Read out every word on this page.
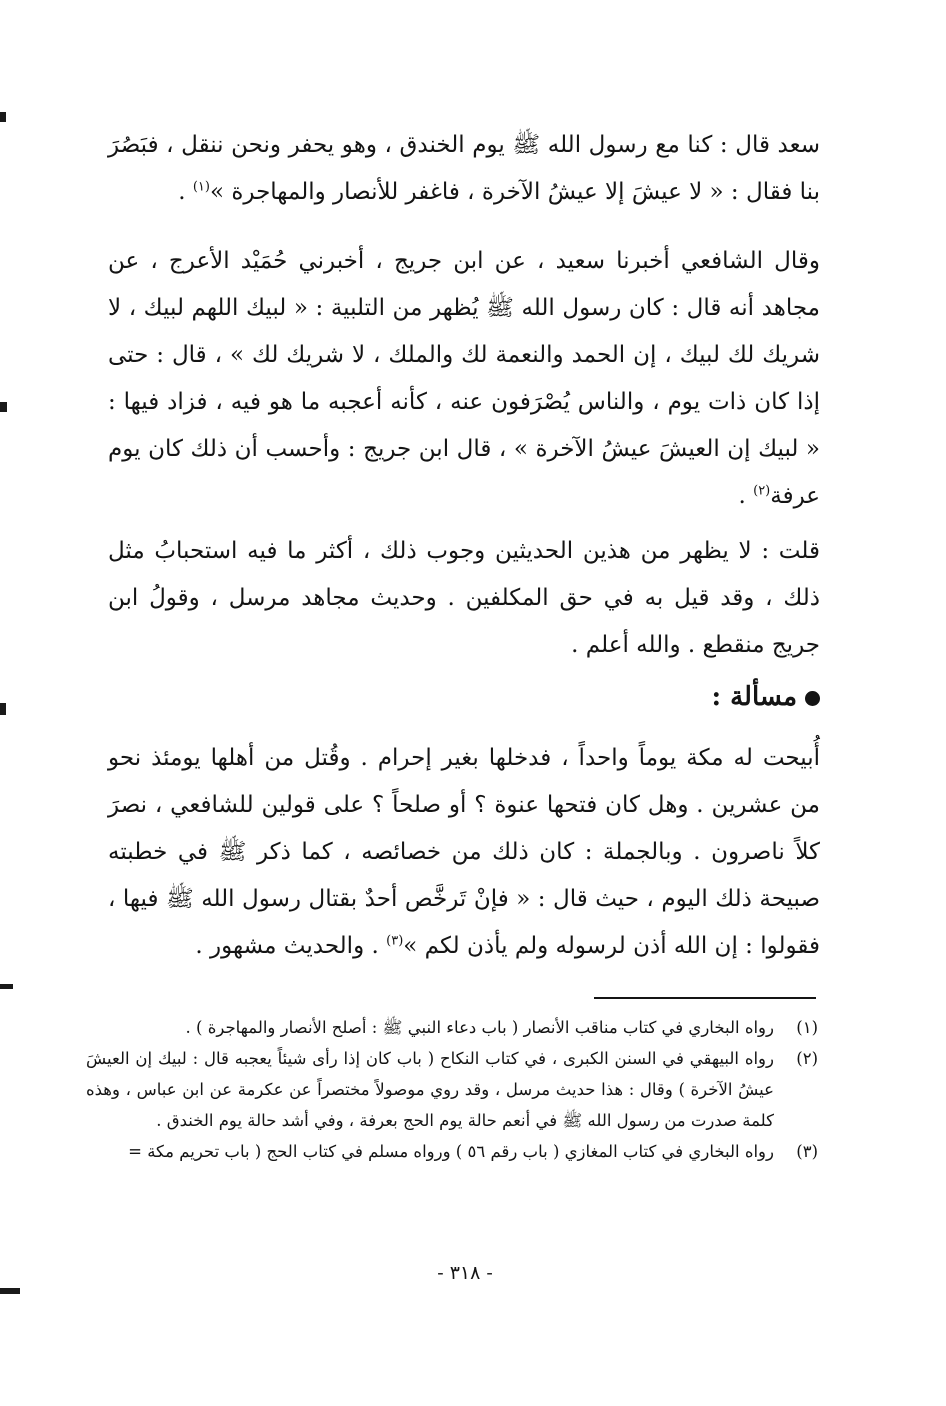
سعد قال : كنا مع رسول الله ﷺ يوم الخندق ، وهو يحفر ونحن ننقل ، فبَصُرَ بنا فقال : « لا عيشَ إلا عيشُ الآخرة ، فاغفر للأنصار والمهاجرة »$^{(١)}$ .

وقال الشافعي أخبرنا سعيد ، عن ابن جريج ، أخبرني حُمَيْد الأعرج ، عن مجاهد أنه قال : كان رسول الله ﷺ يُظهر من التلبية : « لبيك اللهم لبيك ، لا شريك لك لبيك ، إن الحمد والنعمة لك والملك ، لا شريك لك » ، قال : حتى إذا كان ذات يوم ، والناس يُصْرَفون عنه ، كأنه أعجبه ما هو فيه ، فزاد فيها : « لبيك إن العيشَ عيشُ الآخرة » ، قال ابن جريج : وأحسب أن ذلك كان يوم عرفة$^{(٢)}$ .

قلت : لا يظهر من هذين الحديثين وجوب ذلك ، أكثر ما فيه استحبابُ مثل ذلك ، وقد قيل به في حق المكلفين . وحديث مجاهد مرسل ، وقولُ ابن جريج منقطع . والله أعلم .

مسألة :

أُبيحت له مكة يوماً واحداً ، فدخلها بغير إحرام . وقُتل من أهلها يومئذ نحو من عشرين . وهل كان فتحها عنوة ؟ أو صلحاً ؟ على قولين للشافعي ، نصرَ كلاً ناصرون . وبالجملة : كان ذلك من خصائصه ، كما ذكر ﷺ في خطبته صبيحة ذلك اليوم ، حيث قال : « فإنْ تَرخَّص أحدٌ بقتال رسول الله ﷺ فيها ، فقولوا : إن الله أذن لرسوله ولم يأذن لكم »$^{(٣)}$ . والحديث مشهور .

(١)
رواه البخاري في كتاب مناقب الأنصار ( باب دعاء النبي ﷺ : أصلح الأنصار والمهاجرة ) .
(٢)
رواه البيهقي في السنن الكبرى ، في كتاب النكاح ( باب كان إذا رأى شيئاً يعجبه قال : لبيك إن العيشَ عيشُ الآخرة ) وقال : هذا حديث مرسل ، وقد روي موصولاً مختصراً عن عكرمة عن ابن عباس ، وهذه كلمة صدرت من رسول الله ﷺ في أنعم حالة يوم الحج بعرفة ، وفي أشد حالة يوم الخندق .
(٣)
رواه البخاري في كتاب المغازي ( باب رقم ٥٦ ) ورواه مسلم في كتاب الحج ( باب تحريم مكة =
- ٣١٨ -
